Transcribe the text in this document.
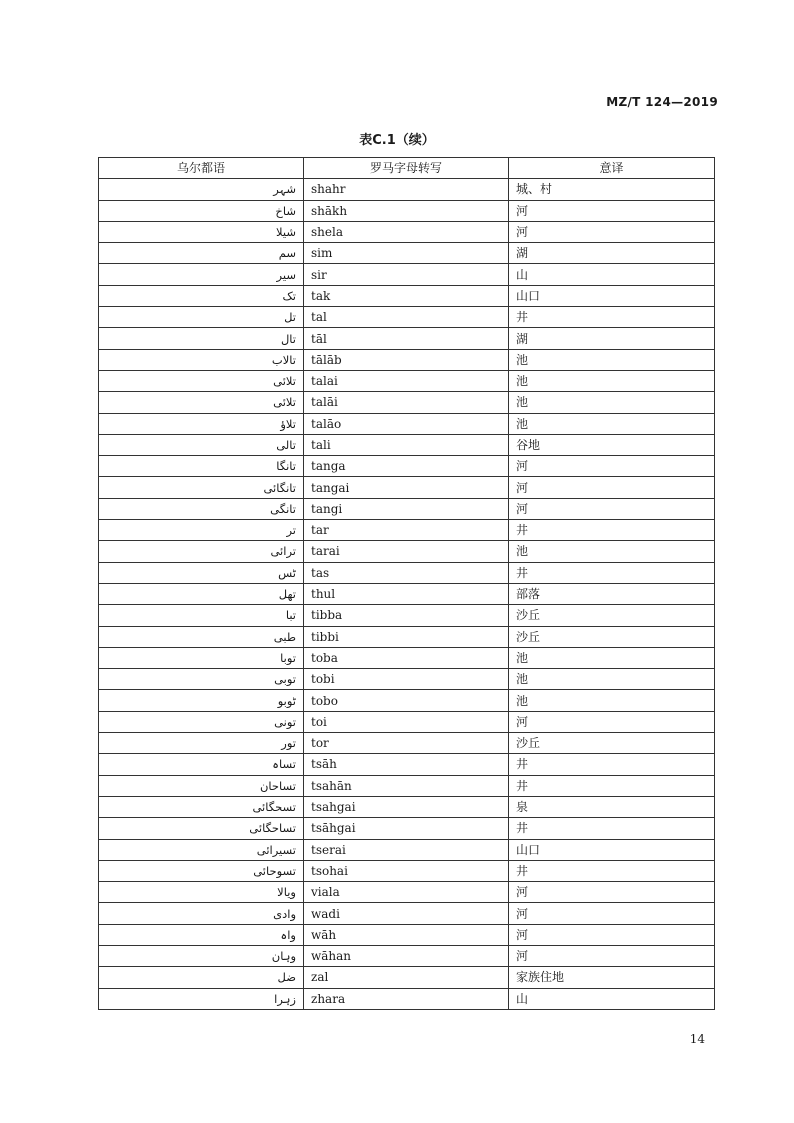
MZ/T 124—2019
表C.1（续）
乌尔都语	罗马字母转写	意译
شہر	shahr	城、村
شاخ	shākh	河
شیلا	shela	河
سم	sim	湖
سیر	sir	山
تک	tak	山口
تل	tal	井
تال	tāl	湖
تالاب	tālāb	池
تلائی	talai	池
تلائی	talāi	池
تلاؤ	talāo	池
تالی	tali	谷地
تانگا	tanga	河
تانگائی	tangai	河
تانگی	tangi	河
تر	tar	井
ترائی	tarai	池
ٹس	tas	井
تهل	thul	部落
تبا	tibba	沙丘
طبی	tibbi	沙丘
توبا	toba	池
توبی	tobi	池
ٹوبو	tobo	池
تونی	toi	河
تور	tor	沙丘
تساہ	tsāh	井
تساحان	tsahān	井
تسحگائی	tsahgai	泉
تساحگائی	tsāhgai	井
تسیرائی	tserai	山口
تسوحائی	tsohai	井
ویالا	viala	河
وادی	wadi	河
واہ	wāh	河
وہان	wāhan	河
ضل	zal	家族住地
زہرا	zhara	山
14
